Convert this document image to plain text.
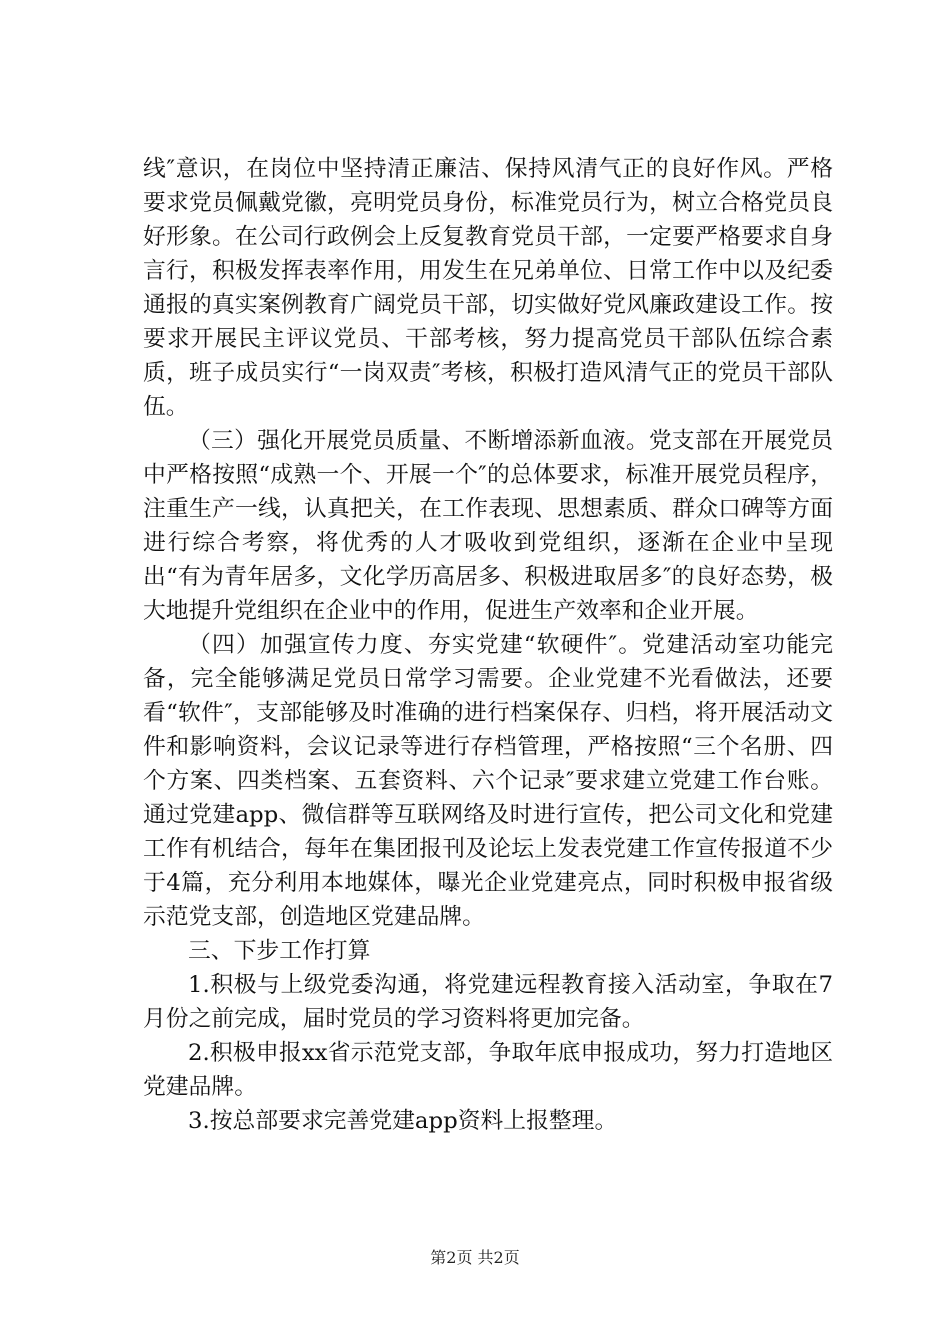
线″意识，在岗位中坚持清正廉洁、保持风清气正的良好作风。严格要求党员佩戴党徽，亮明党员身份，标准党员行为，树立合格党员良好形象。在公司行政例会上反复教育党员干部，一定要严格要求自身言行，积极发挥表率作用，用发生在兄弟单位、日常工作中以及纪委通报的真实案例教育广阔党员干部，切实做好党风廉政建设工作。按要求开展民主评议党员、干部考核，努力提高党员干部队伍综合素质，班子成员实行“一岗双责″考核，积极打造风清气正的党员干部队伍。

（三）强化开展党员质量、不断增添新血液。党支部在开展党员中严格按照“成熟一个、开展一个″的总体要求，标准开展党员程序，注重生产一线，认真把关，在工作表现、思想素质、群众口碑等方面进行综合考察，将优秀的人才吸收到党组织，逐渐在企业中呈现出“有为青年居多，文化学历高居多、积极进取居多″的良好态势，极大地提升党组织在企业中的作用，促进生产效率和企业开展。

（四）加强宣传力度、夯实党建“软硬件″。党建活动室功能完备，完全能够满足党员日常学习需要。企业党建不光看做法，还要看“软件″，支部能够及时准确的进行档案保存、归档，将开展活动文件和影响资料，会议记录等进行存档管理，严格按照“三个名册、四个方案、四类档案、五套资料、六个记录″要求建立党建工作台账。通过党建app、微信群等互联网络及时进行宣传，把公司文化和党建工作有机结合，每年在集团报刊及论坛上发表党建工作宣传报道不少于4篇，充分利用本地媒体，曝光企业党建亮点，同时积极申报省级示范党支部，创造地区党建品牌。

三、下步工作打算

1.积极与上级党委沟通，将党建远程教育接入活动室，争取在7月份之前完成，届时党员的学习资料将更加完备。

2.积极申报xx省示范党支部，争取年底申报成功，努力打造地区党建品牌。

3.按总部要求完善党建app资料上报整理。

第2页 共2页
